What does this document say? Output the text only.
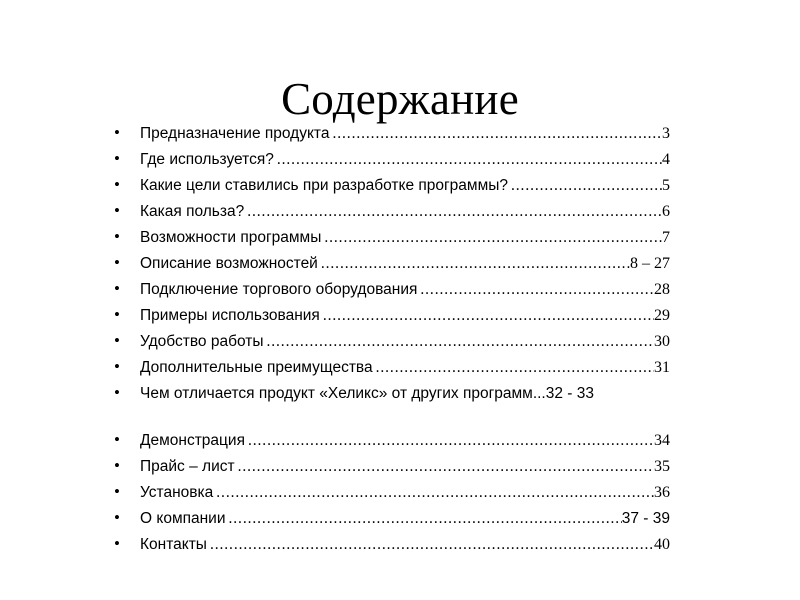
Содержание
•	Предназначение продукта .....	3
•	Где используется? .....	4
•	Какие цели ставились при разработке программы? .....	5
•	Какая польза? .....	6
•	Возможности программы .....	7
•	Описание возможностей .....	8 – 27
•	Подключение торгового оборудования .....	28
•	Примеры использования .....	29
•	Удобство работы .....	30
•	Дополнительные преимущества .....	31
•	Чем отличается продукт «Хеликс» от других программ...32 - 33
•	Демонстрация .....	34
•	Прайс – лист .....	35
•	Установка .....	36
•	О компании .....	37 - 39
•	Контакты .....	40
